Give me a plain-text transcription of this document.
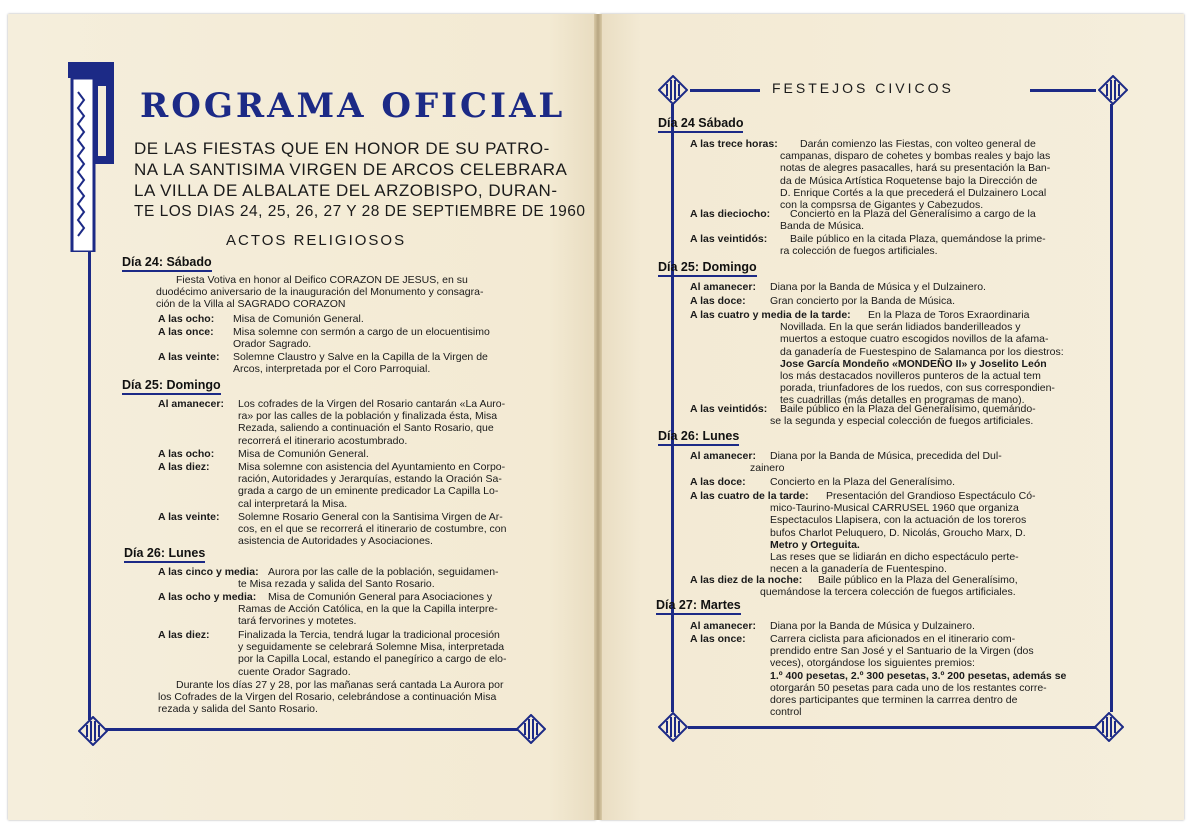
ROGRAMA OFICIAL
DE LAS FIESTAS QUE EN HONOR DE SU PATRO-
NA LA SANTISIMA VIRGEN DE ARCOS CELEBRARA
LA VILLA DE ALBALATE DEL ARZOBISPO, DURAN-
TE LOS DIAS 24, 25, 26, 27 Y 28 DE SEPTIEMBRE DE 1960
ACTOS RELIGIOSOS
Día 24: Sábado
Fiesta Votiva en honor al Deifico CORAZON DE JESUS, en su
duodécimo aniversario de la inauguración del Monumento y consagra-
ción de la Villa al SAGRADO CORAZON
A las ocho: Misa de Comunión General.
A las once: Misa solemne con sermón a cargo de un elocuentisimo
Orador Sagrado.
A las veinte: Solemne Claustro y Salve en la Capilla de la Virgen de
Arcos, interpretada por el Coro Parroquial.
Día 25: Domingo
Al amanecer: Los cofrades de la Virgen del Rosario cantarán «La Auro-
ra» por las calles de la población y finalizada ésta, Misa
Rezada, saliendo a continuación el Santo Rosario, que
recorrerá el itinerario acostumbrado.
A las ocho: Misa de Comunión General.
A las diez:	Misa solemne con asistencia del Ayuntamiento en Corpo-
ración, Autoridades y Jerarquías, estando la Oración Sa-
grada a cargo de un eminente predicador La Capilla Lo-
cal interpretará la Misa.
A las veinte: Solemne Rosario General con la Santisima Virgen de Ar-
cos, en el que se recorrerá el itinerario de costumbre, con
asistencia de Autoridades y Asociaciones.
Día 26: Lunes
A las cinco y media: Aurora por las calle de la población, seguidamen-
te Misa rezada y salida del Santo Rosario.
A las ocho y media: Misa de Comunión General para Asociaciones y
Ramas de Acción Católica, en la que la Capilla interpre-
tará fervorines y motetes.
A las diez:	Finalizada la Tercia, tendrá lugar la tradicional procesión
y seguidamente se celebrará Solemne Misa, interpretada
por la Capilla Local, estando el panegírico a cargo de elo-
cuente Orador Sagrado.
Durante los días 27 y 28, por las mañanas será cantada La Aurora por
los Cofrades de la Virgen del Rosario, celebrándose a continuación Misa
rezada y salida del Santo Rosario.
FESTEJOS CIVICOS
Día 24 Sábado
A las trece horas: Darán comienzo las Fiestas, con volteo general de
campanas, disparo de cohetes y bombas reales y bajo las
notas de alegres pasacalles, hará su presentación la Ban-
da de Música Artística Roquetense bajo la Dirección de
D. Enrique Cortés a la que precederá el Dulzainero Local
con la compsrsa de Gigantes y Cabezudos.
A las dieciocho: Concierto en la Plaza del Generalísimo a cargo de la
Banda de Música.
A las veintidós: Baile público en la citada Plaza, quemándose la prime-
ra colección de fuegos artificiales.
Día 25: Domingo
Al amanecer: Diana por la Banda de Música y el Dulzainero.
A las doce: Gran concierto por la Banda de Música.
A las cuatro y media de la tarde: En la Plaza de Toros Exraordinaria
Novillada. En la que serán lidiados banderilleados y
muertos a estoque cuatro escogidos novillos de la afama-
da ganadería de Fuestespino de Salamanca por los diestros:
Jose García Mondeño «MONDEÑO II» y Joselito León
los más destacados novilleros punteros de la actual tem
porada, triunfadores de los ruedos, con sus correspondien-
tes cuadrillas (más detalles en programas de mano).
A las veintidós: Baile público en la Plaza del Generalísimo, quemándo-
se la segunda y especial colección de fuegos artificiales.
Día 26: Lunes
Al amanecer: Diana por la Banda de Música, precedida del Dul-
zainero
A las doce: Concierto en la Plaza del Generalísimo.
A las cuatro de la tarde: Presentación del Grandioso Espectáculo Có-
mico-Taurino-Musical CARRUSEL 1960 que organiza
Espectaculos Llapisera, con la actuación de los toreros
bufos Charlot Peluquero, D. Nicolás, Groucho Marx, D.
Metro y Orteguita.
Las reses que se lidiarán en dicho espectáculo perte-
necen a la ganadería de Fuentespino.
A las diez de la noche: Baile público en la Plaza del Generalísimo,
quemándose la tercera colección de fuegos artificiales.
Día 27: Martes
Al amanecer: Diana por la Banda de Música y Dulzainero.
A las once: Carrera ciclista para aficionados en el itinerario com-
prendido entre San José y el Santuario de la Virgen (dos
veces), otorgándose los siguientes premios:
1.º 400 pesetas, 2.º 300 pesetas, 3.º 200 pesetas, además se
otorgarán 50 pesetas para cada uno de los restantes corre-
dores participantes que terminen la carrrea dentro de
control
